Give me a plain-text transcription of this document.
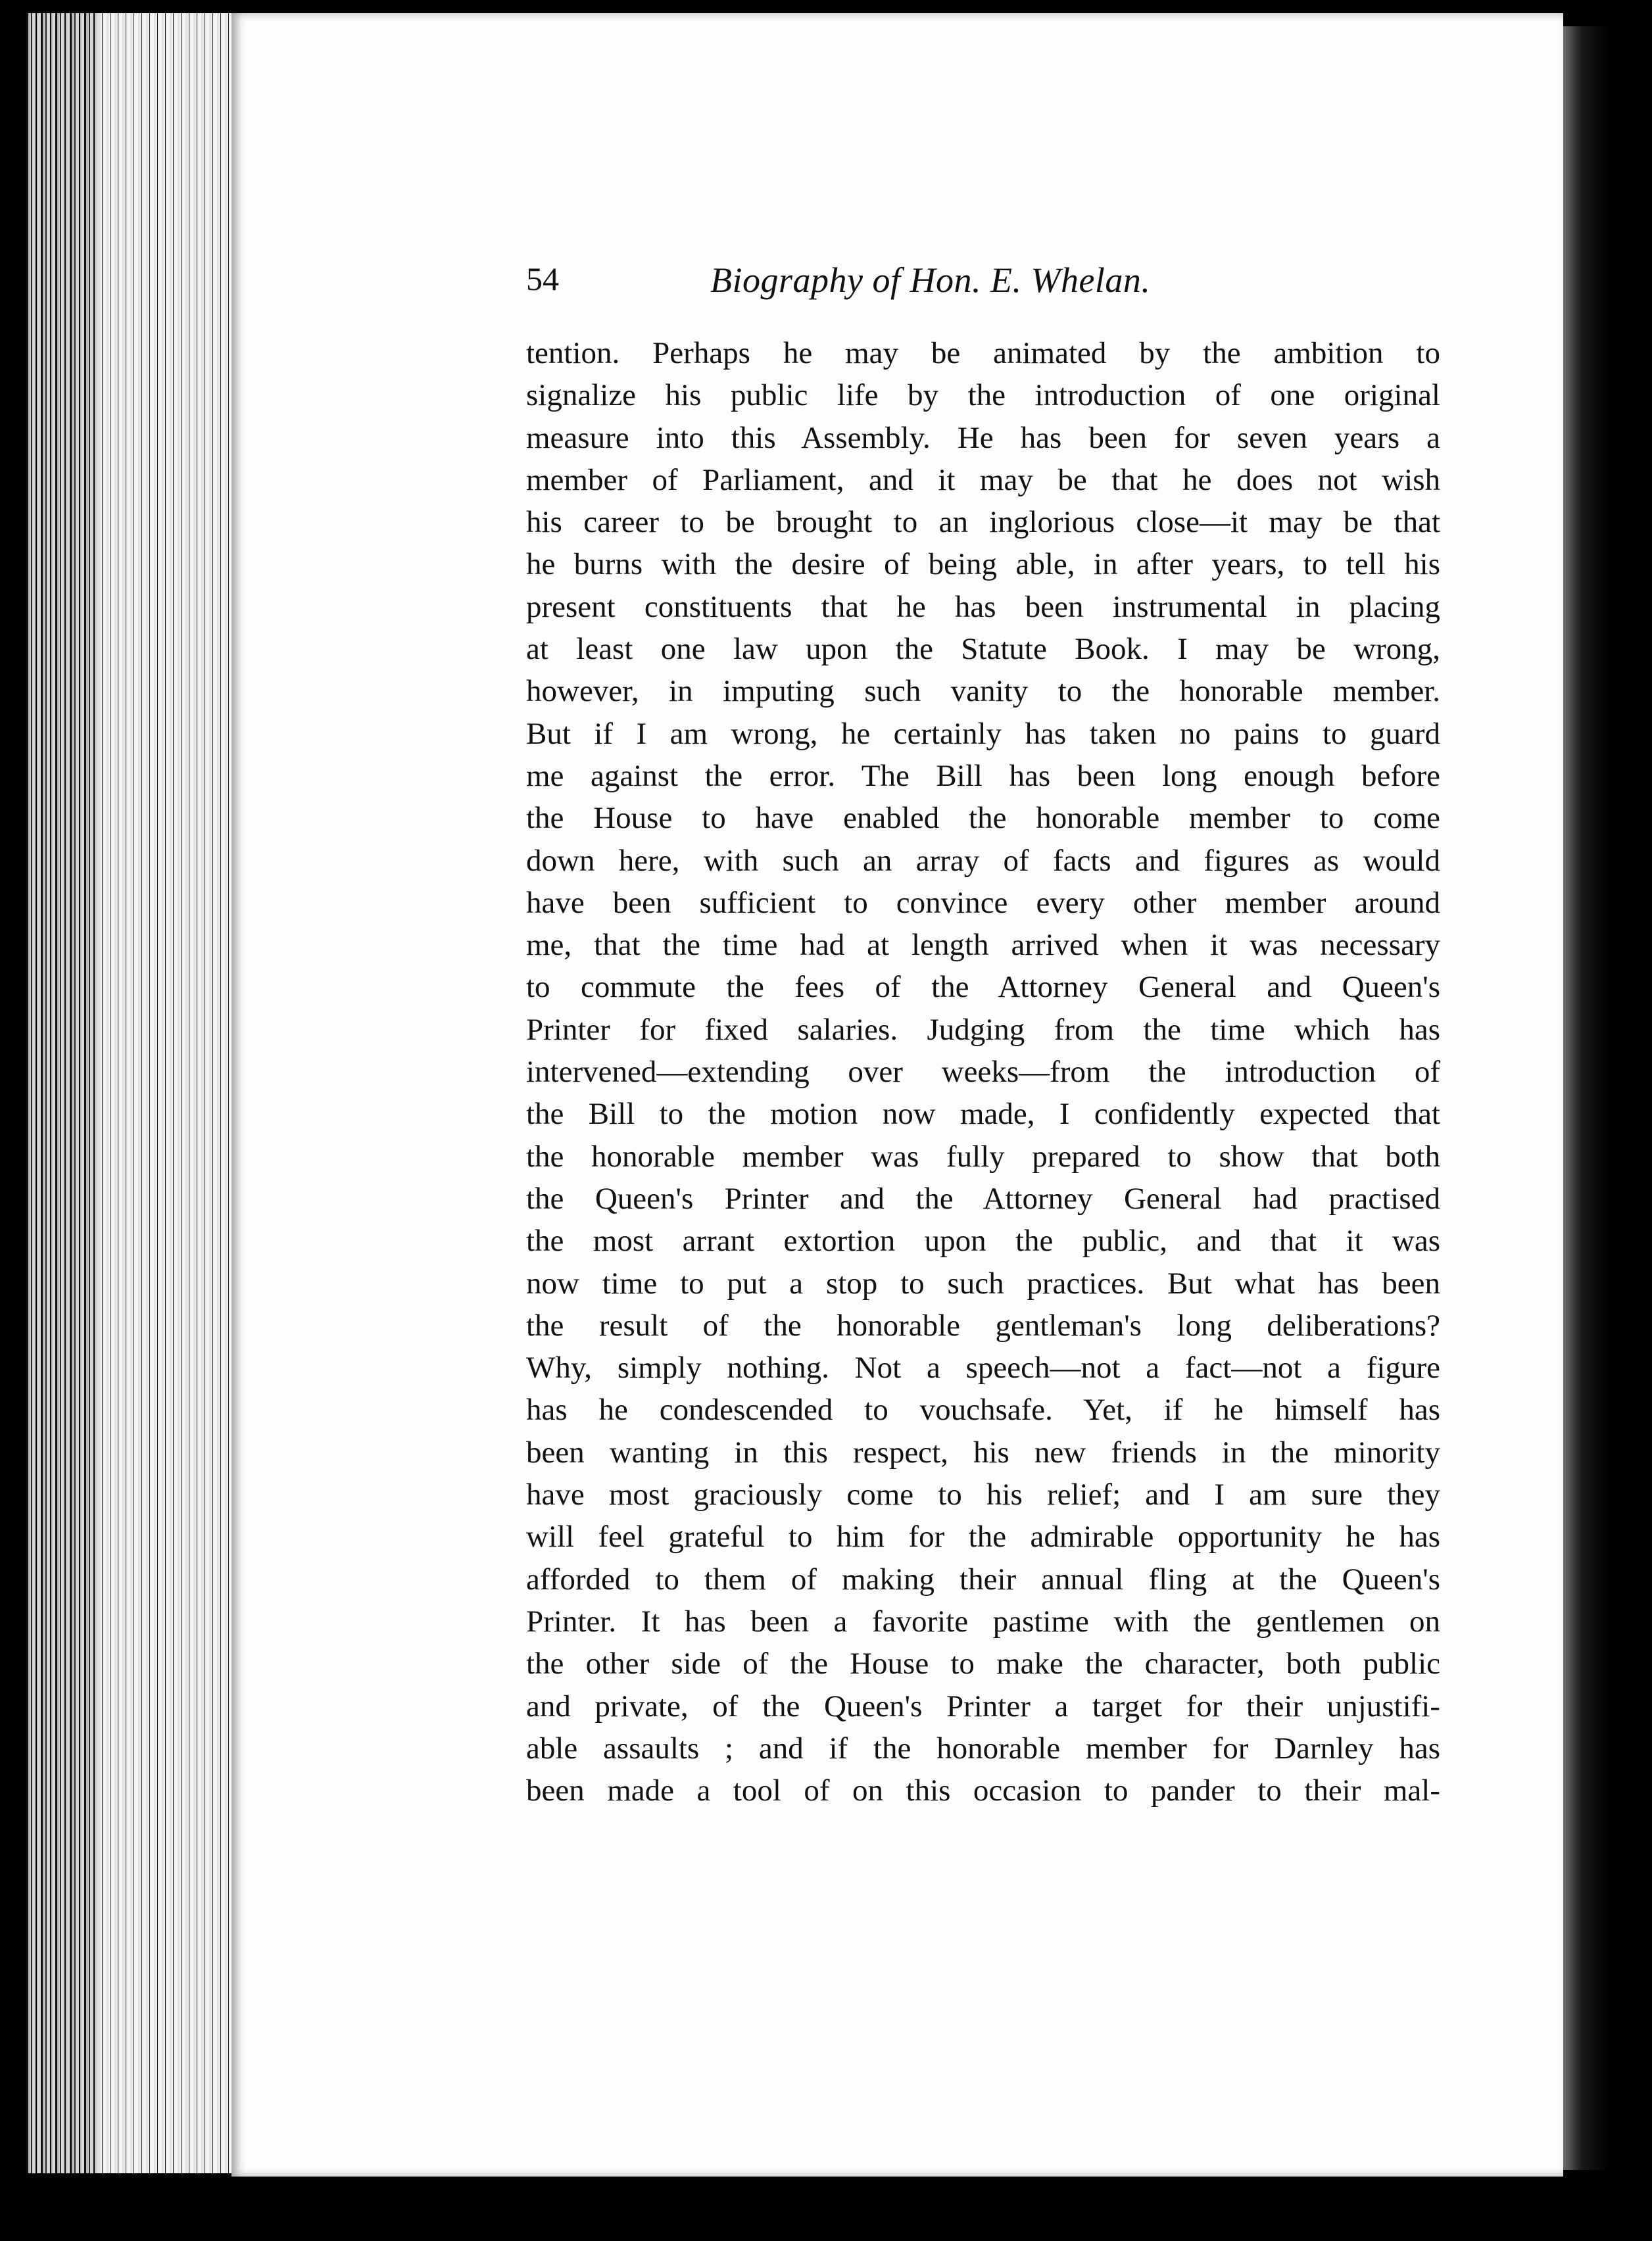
54	Biography of Hon. E. Whelan.
tention. Perhaps he may be animated by the ambition to
signalize his public life by the introduction of one original
measure into this Assembly. He has been for seven years a
member of Parliament, and it may be that he does not wish
his career to be brought to an inglorious close—it may be that
he burns with the desire of being able, in after years, to tell his
present constituents that he has been instrumental in placing
at least one law upon the Statute Book. I may be wrong,
however, in imputing such vanity to the honorable member.
But if I am wrong, he certainly has taken no pains to guard
me against the error. The Bill has been long enough before
the House to have enabled the honorable member to come
down here, with such an array of facts and figures as would
have been sufficient to convince every other member around
me, that the time had at length arrived when it was necessary
to commute the fees of the Attorney General and Queen's
Printer for fixed salaries. Judging from the time which has
intervened—extending over weeks—from the introduction of
the Bill to the motion now made, I confidently expected that
the honorable member was fully prepared to show that both
the Queen's Printer and the Attorney General had practised
the most arrant extortion upon the public, and that it was
now time to put a stop to such practices. But what has been
the result of the honorable gentleman's long deliberations?
Why, simply nothing. Not a speech—not a fact—not a figure
has he condescended to vouchsafe. Yet, if he himself has
been wanting in this respect, his new friends in the minority
have most graciously come to his relief; and I am sure they
will feel grateful to him for the admirable opportunity he has
afforded to them of making their annual fling at the Queen's
Printer. It has been a favorite pastime with the gentlemen on
the other side of the House to make the character, both public
and private, of the Queen's Printer a target for their unjustifi-
able assaults ; and if the honorable member for Darnley has
been made a tool of on this occasion to pander to their mal-
